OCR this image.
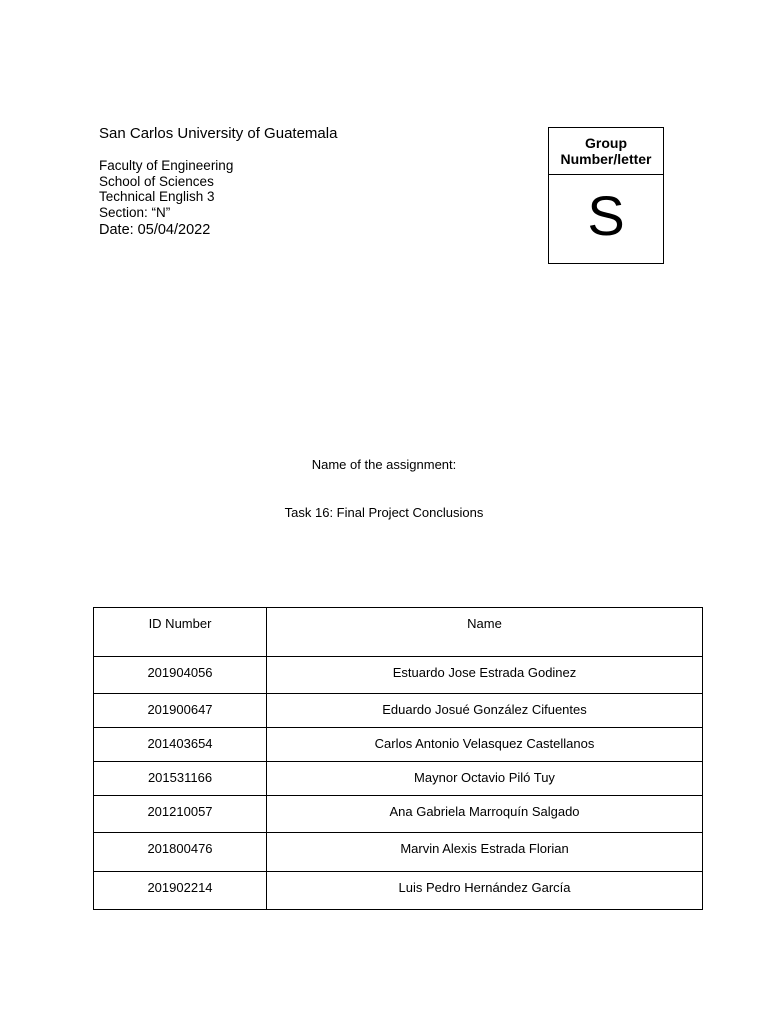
San Carlos University of Guatemala
Faculty of Engineering
School of Sciences
Technical English 3
Section: “N”
Date: 05/04/2022
Group
Number/letter
S
Name of the assignment:
Task 16: Final Project Conclusions
ID Number	Name
201904056	Estuardo Jose Estrada Godinez
201900647	Eduardo Josué González Cifuentes
201403654	Carlos Antonio Velasquez Castellanos
201531166	Maynor Octavio Piló Tuy
201210057	Ana Gabriela Marroquín Salgado
201800476	Marvin Alexis Estrada Florian
201902214	Luis Pedro Hernández García
